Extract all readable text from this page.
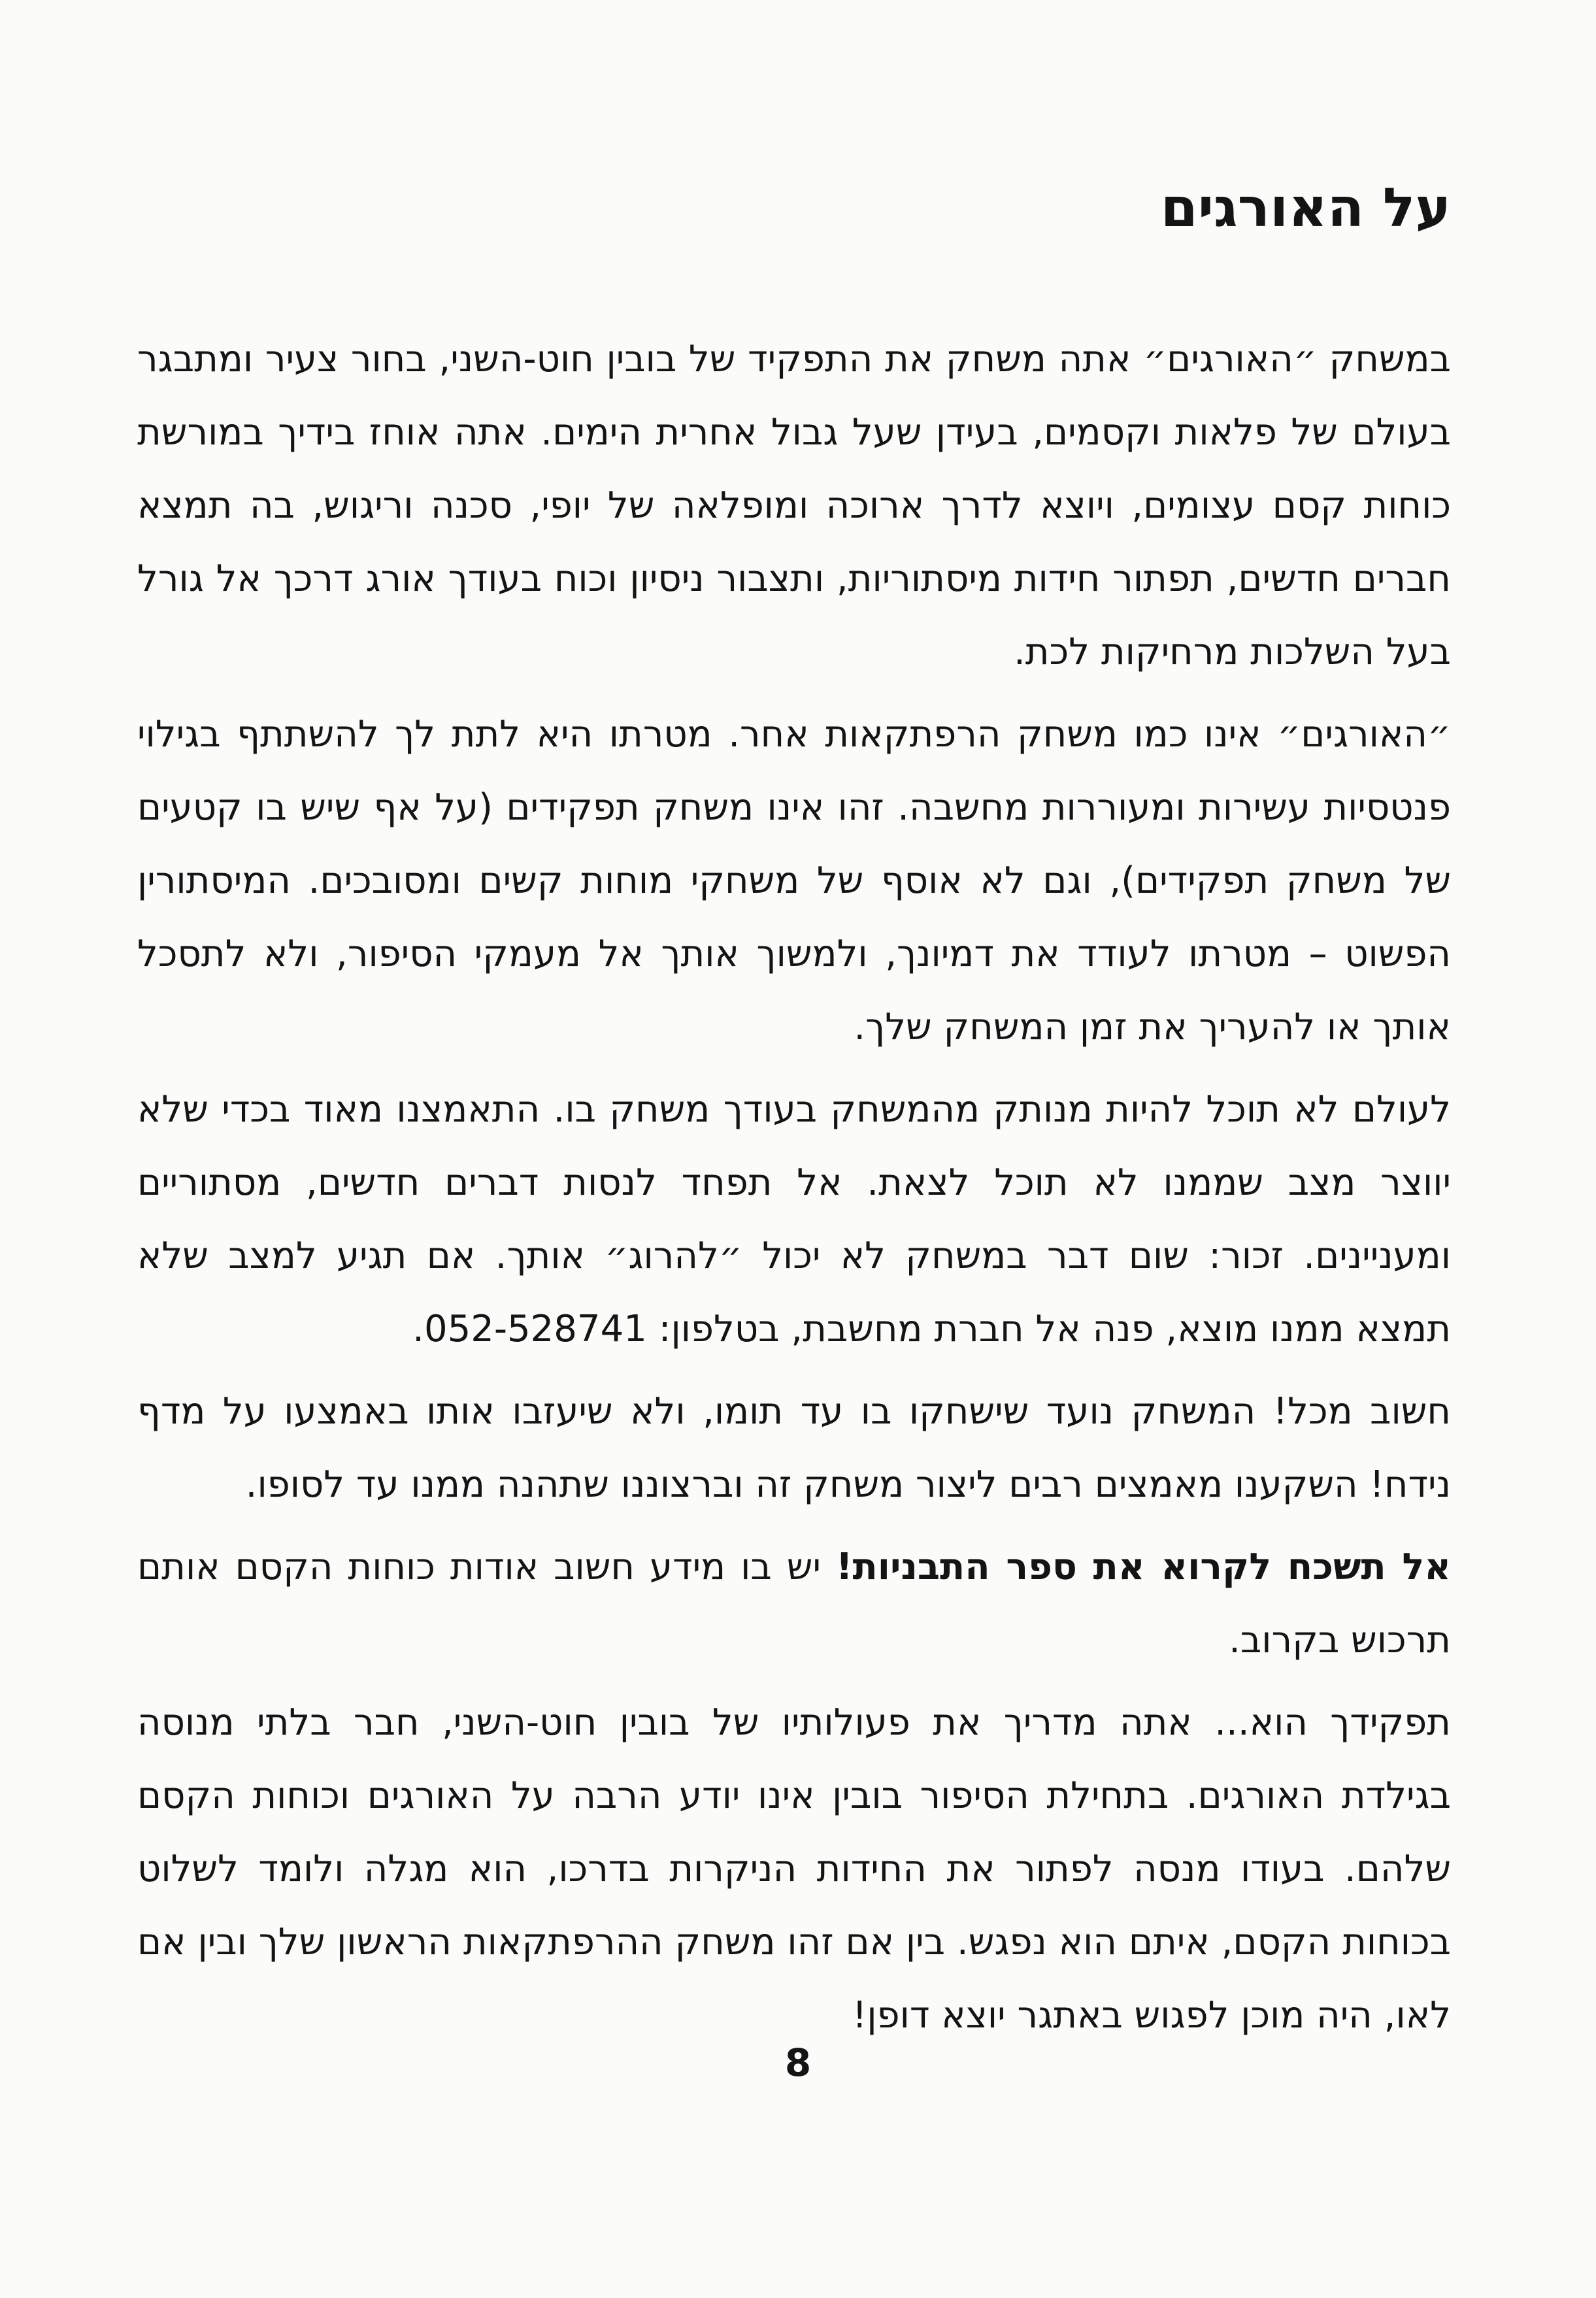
על האורגים

במשחק ״האורגים״ אתה משחק את התפקיד של בובין חוט-השני, בחור צעיר ומתבגר בעולם של פלאות וקסמים, בעידן שעל גבול אחרית הימים. אתה אוחז בידיך במורשת כוחות קסם עצומים, ויוצא לדרך ארוכה ומופלאה של יופי, סכנה וריגוש, בה תמצא חברים חדשים, תפתור חידות מיסתוריות, ותצבור ניסיון וכוח בעודך אורג דרכך אל גורל בעל השלכות מרחיקות לכת.

״האורגים״ אינו כמו משחק הרפתקאות אחר. מטרתו היא לתת לך להשתתף בגילוי פנטסיות עשירות ומעוררות מחשבה. זהו אינו משחק תפקידים (על אף שיש בו קטעים של משחק תפקידים), וגם לא אוסף של משחקי מוחות קשים ומסובכים. המיסתורין הפשוט – מטרתו לעודד את דמיונך, ולמשוך אותך אל מעמקי הסיפור, ולא לתסכל אותך או להעריך את זמן המשחק שלך.

לעולם לא תוכל להיות מנותק מהמשחק בעודך משחק בו. התאמצנו מאוד בכדי שלא יווצר מצב שממנו לא תוכל לצאת. אל תפחד לנסות דברים חדשים, מסתוריים ומעניינים. זכור: שום דבר במשחק לא יכול ״להרוג״ אותך. אם תגיע למצב שלא תמצא ממנו מוצא, פנה אל חברת מחשבת, בטלפון: 052-528741.

חשוב מכל! המשחק נועד שישחקו בו עד תומו, ולא שיעזבו אותו באמצעו על מדף נידח! השקענו מאמצים רבים ליצור משחק זה וברצוננו שתהנה ממנו עד לסופו.

אל תשכח לקרוא את ספר התבניות! יש בו מידע חשוב אודות כוחות הקסם אותם תרכוש בקרוב.

תפקידך הוא... אתה מדריך את פעולותיו של בובין חוט-השני, חבר בלתי מנוסה בגילדת האורגים. בתחילת הסיפור בובין אינו יודע הרבה על האורגים וכוחות הקסם שלהם. בעודו מנסה לפתור את החידות הניקרות בדרכו, הוא מגלה ולומד לשלוט בכוחות הקסם, איתם הוא נפגש. בין אם זהו משחק ההרפתקאות הראשון שלך ובין אם לאו, היה מוכן לפגוש באתגר יוצא דופן!

8
